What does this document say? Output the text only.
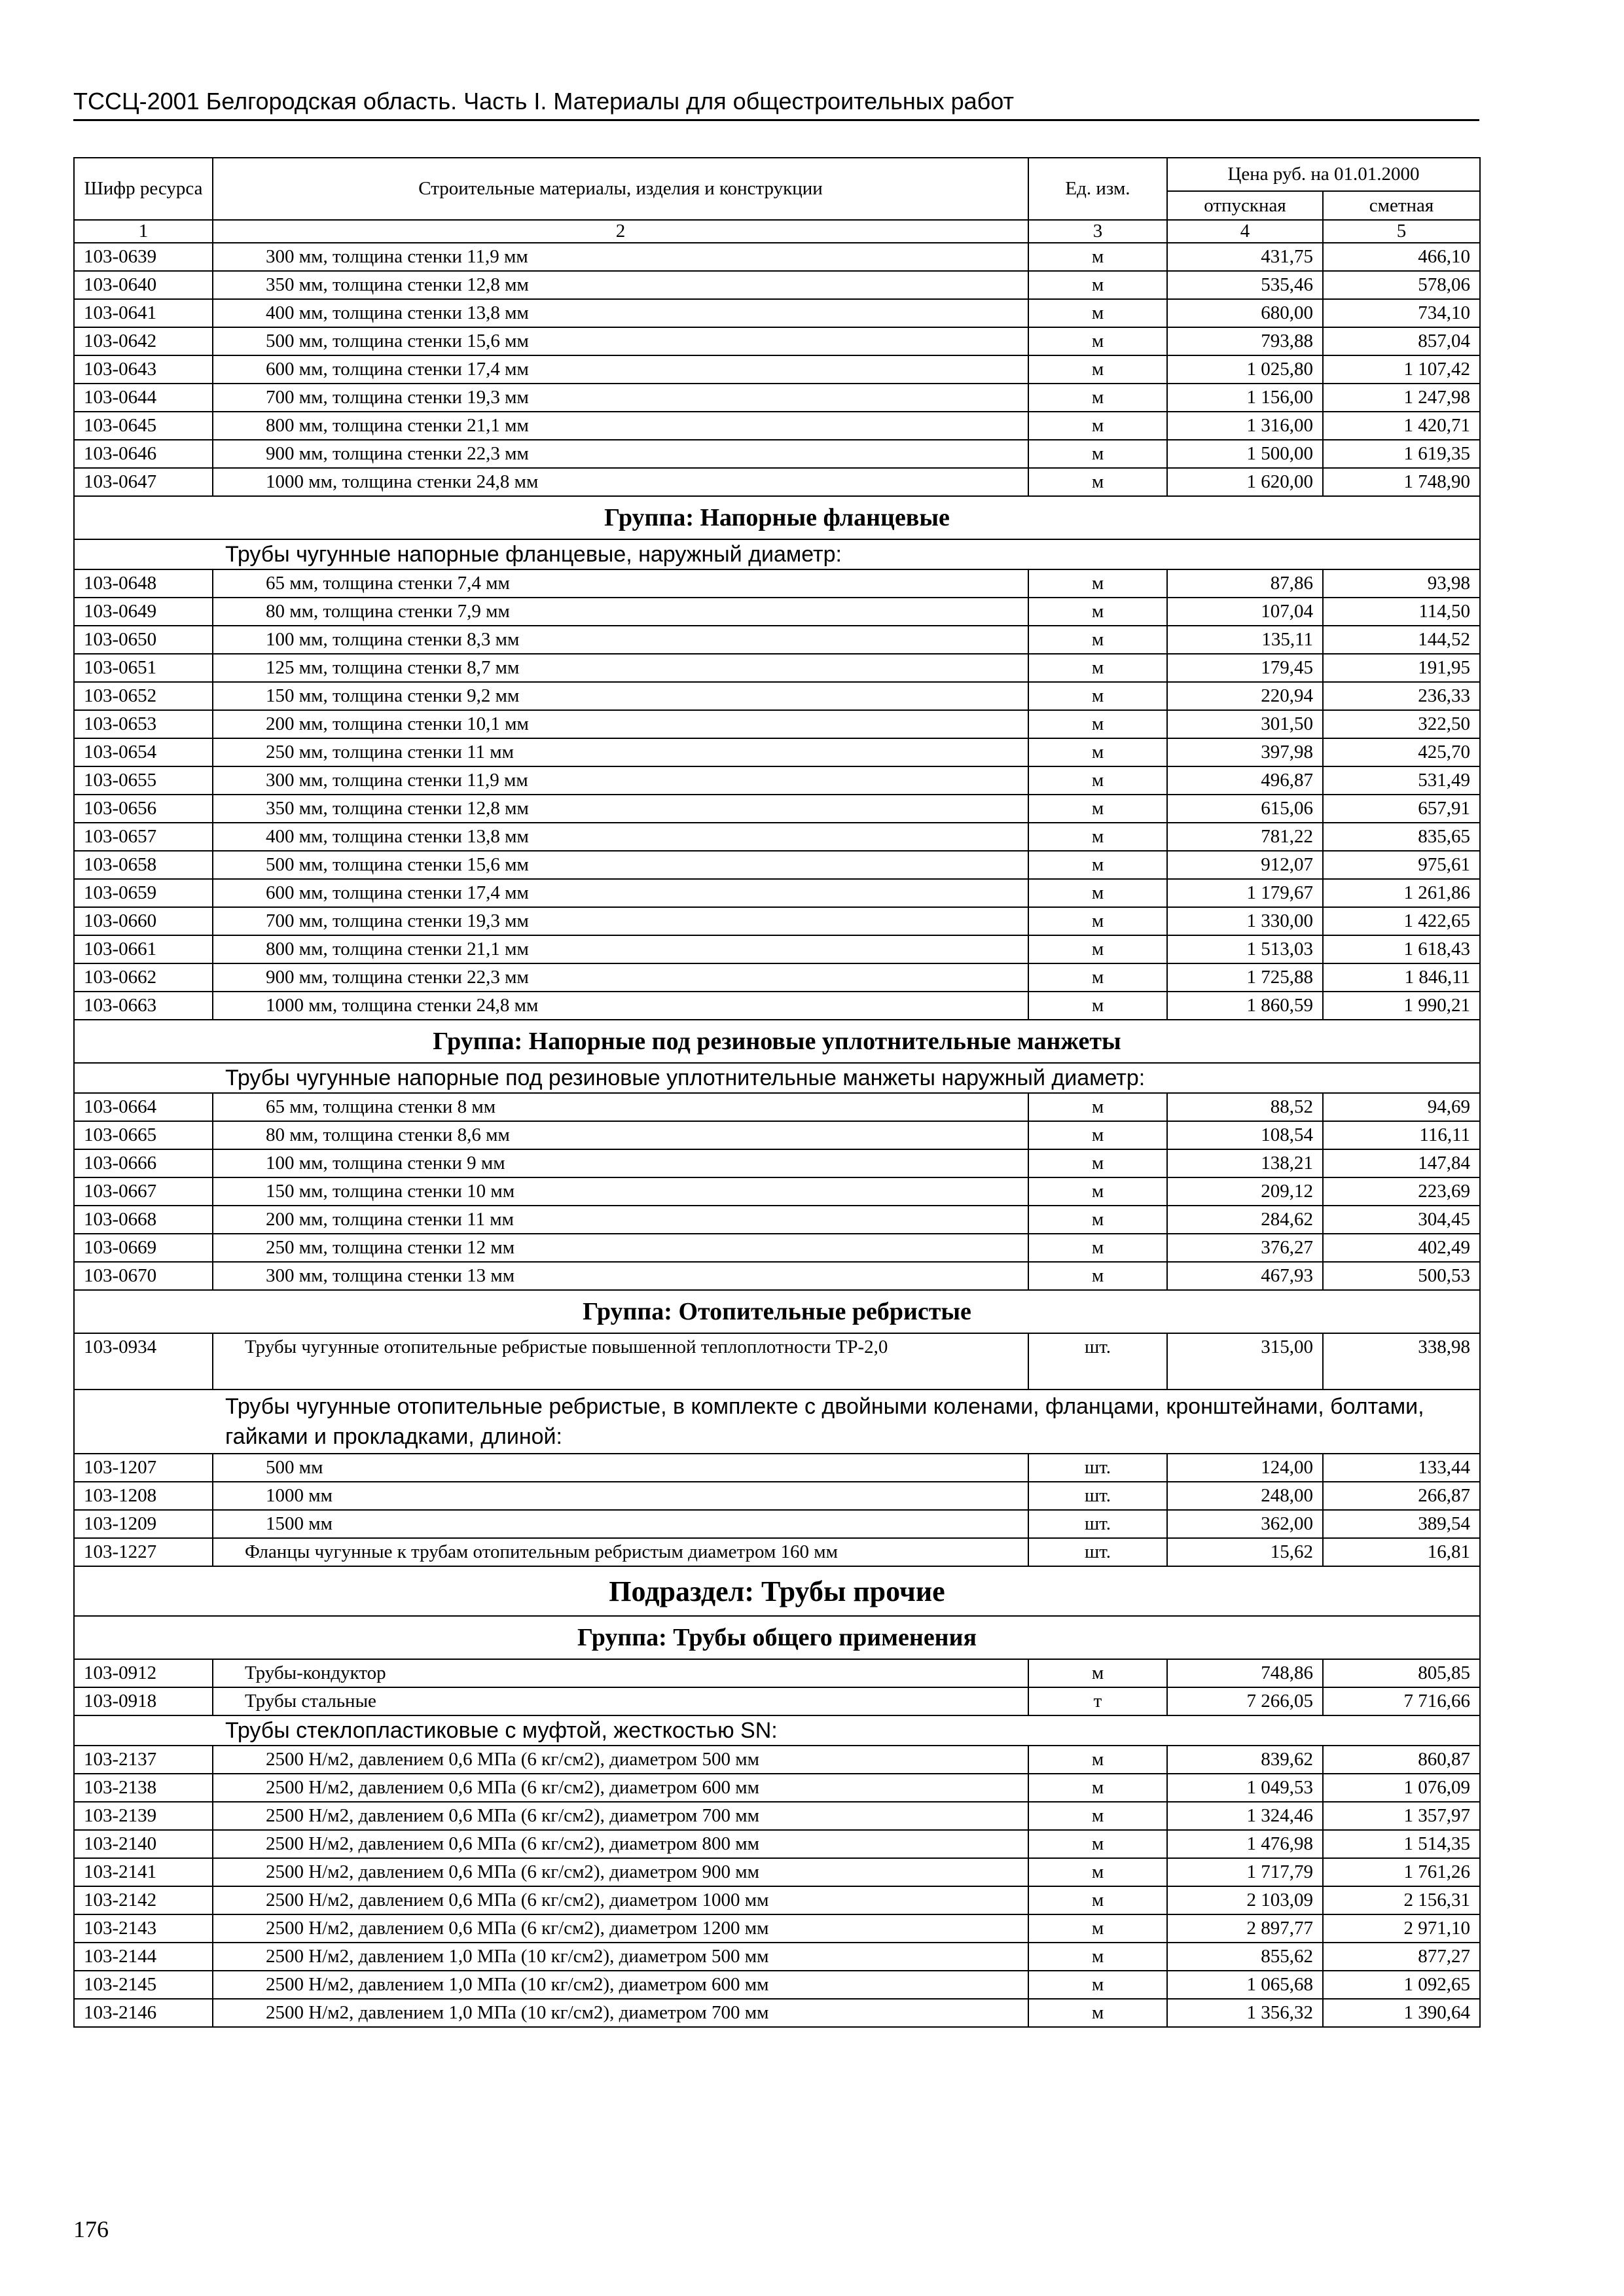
ТССЦ-2001 Белгородская область. Часть I. Материалы для общестроительных работ
Шифр ресурса	Строительные материалы, изделия и конструкции	Ед. изм.	Цена руб. на 01.01.2000	
			отпускная	сметная
1	2	3	4	5
103-0639	300 мм, толщина стенки 11,9 мм	м	431,75	466,10
103-0640	350 мм, толщина стенки 12,8 мм	м	535,46	578,06
103-0641	400 мм, толщина стенки 13,8 мм	м	680,00	734,10
103-0642	500 мм, толщина стенки 15,6 мм	м	793,88	857,04
103-0643	600 мм, толщина стенки 17,4 мм	м	1 025,80	1 107,42
103-0644	700 мм, толщина стенки 19,3 мм	м	1 156,00	1 247,98
103-0645	800 мм, толщина стенки 21,1 мм	м	1 316,00	1 420,71
103-0646	900 мм, толщина стенки 22,3 мм	м	1 500,00	1 619,35
103-0647	1000 мм, толщина стенки 24,8 мм	м	1 620,00	1 748,90
Группа: Напорные фланцевые				
Трубы чугунные напорные фланцевые, наружный диаметр:				
103-0648	65 мм, толщина стенки 7,4 мм	м	87,86	93,98
103-0649	80 мм, толщина стенки 7,9 мм	м	107,04	114,50
103-0650	100 мм, толщина стенки 8,3 мм	м	135,11	144,52
103-0651	125 мм, толщина стенки 8,7 мм	м	179,45	191,95
103-0652	150 мм, толщина стенки 9,2 мм	м	220,94	236,33
103-0653	200 мм, толщина стенки 10,1 мм	м	301,50	322,50
103-0654	250 мм, толщина стенки 11 мм	м	397,98	425,70
103-0655	300 мм, толщина стенки 11,9 мм	м	496,87	531,49
103-0656	350 мм, толщина стенки 12,8 мм	м	615,06	657,91
103-0657	400 мм, толщина стенки 13,8 мм	м	781,22	835,65
103-0658	500 мм, толщина стенки 15,6 мм	м	912,07	975,61
103-0659	600 мм, толщина стенки 17,4 мм	м	1 179,67	1 261,86
103-0660	700 мм, толщина стенки 19,3 мм	м	1 330,00	1 422,65
103-0661	800 мм, толщина стенки 21,1 мм	м	1 513,03	1 618,43
103-0662	900 мм, толщина стенки 22,3 мм	м	1 725,88	1 846,11
103-0663	1000 мм, толщина стенки 24,8 мм	м	1 860,59	1 990,21
Группа: Напорные под резиновые уплотнительные манжеты				
Трубы чугунные напорные под резиновые уплотнительные манжеты наружный диаметр:				
103-0664	65 мм, толщина стенки 8 мм	м	88,52	94,69
103-0665	80 мм, толщина стенки 8,6 мм	м	108,54	116,11
103-0666	100 мм, толщина стенки 9 мм	м	138,21	147,84
103-0667	150 мм, толщина стенки 10 мм	м	209,12	223,69
103-0668	200 мм, толщина стенки 11 мм	м	284,62	304,45
103-0669	250 мм, толщина стенки 12 мм	м	376,27	402,49
103-0670	300 мм, толщина стенки 13 мм	м	467,93	500,53
Группа: Отопительные ребристые				
103-0934	Трубы чугунные отопительные ребристые повышенной теплоплотности ТР-2,0	шт.	315,00	338,98
Трубы чугунные отопительные ребристые, в комплекте с двойными коленами, фланцами, кронштейнами, болтами, гайками и прокладками, длиной:				
103-1207	500 мм	шт.	124,00	133,44
103-1208	1000 мм	шт.	248,00	266,87
103-1209	1500 мм	шт.	362,00	389,54
103-1227	Фланцы чугунные к трубам отопительным ребристым диаметром 160 мм	шт.	15,62	16,81
Подраздел: Трубы прочие				
Группа: Трубы общего применения				
103-0912	Трубы-кондуктор	м	748,86	805,85
103-0918	Трубы стальные	т	7 266,05	7 716,66
Трубы стеклопластиковые с муфтой, жесткостью SN:				
103-2137	2500 Н/м2, давлением 0,6 МПа (6 кг/см2), диаметром 500 мм	м	839,62	860,87
103-2138	2500 Н/м2, давлением 0,6 МПа (6 кг/см2), диаметром 600 мм	м	1 049,53	1 076,09
103-2139	2500 Н/м2, давлением 0,6 МПа (6 кг/см2), диаметром 700 мм	м	1 324,46	1 357,97
103-2140	2500 Н/м2, давлением 0,6 МПа (6 кг/см2), диаметром 800 мм	м	1 476,98	1 514,35
103-2141	2500 Н/м2, давлением 0,6 МПа (6 кг/см2), диаметром 900 мм	м	1 717,79	1 761,26
103-2142	2500 Н/м2, давлением 0,6 МПа (6 кг/см2), диаметром 1000 мм	м	2 103,09	2 156,31
103-2143	2500 Н/м2, давлением 0,6 МПа (6 кг/см2), диаметром 1200 мм	м	2 897,77	2 971,10
103-2144	2500 Н/м2, давлением 1,0 МПа (10 кг/см2), диаметром 500 мм	м	855,62	877,27
103-2145	2500 Н/м2, давлением 1,0 МПа (10 кг/см2), диаметром 600 мм	м	1 065,68	1 092,65
103-2146	2500 Н/м2, давлением 1,0 МПа (10 кг/см2), диаметром 700 мм	м	1 356,32	1 390,64
176
